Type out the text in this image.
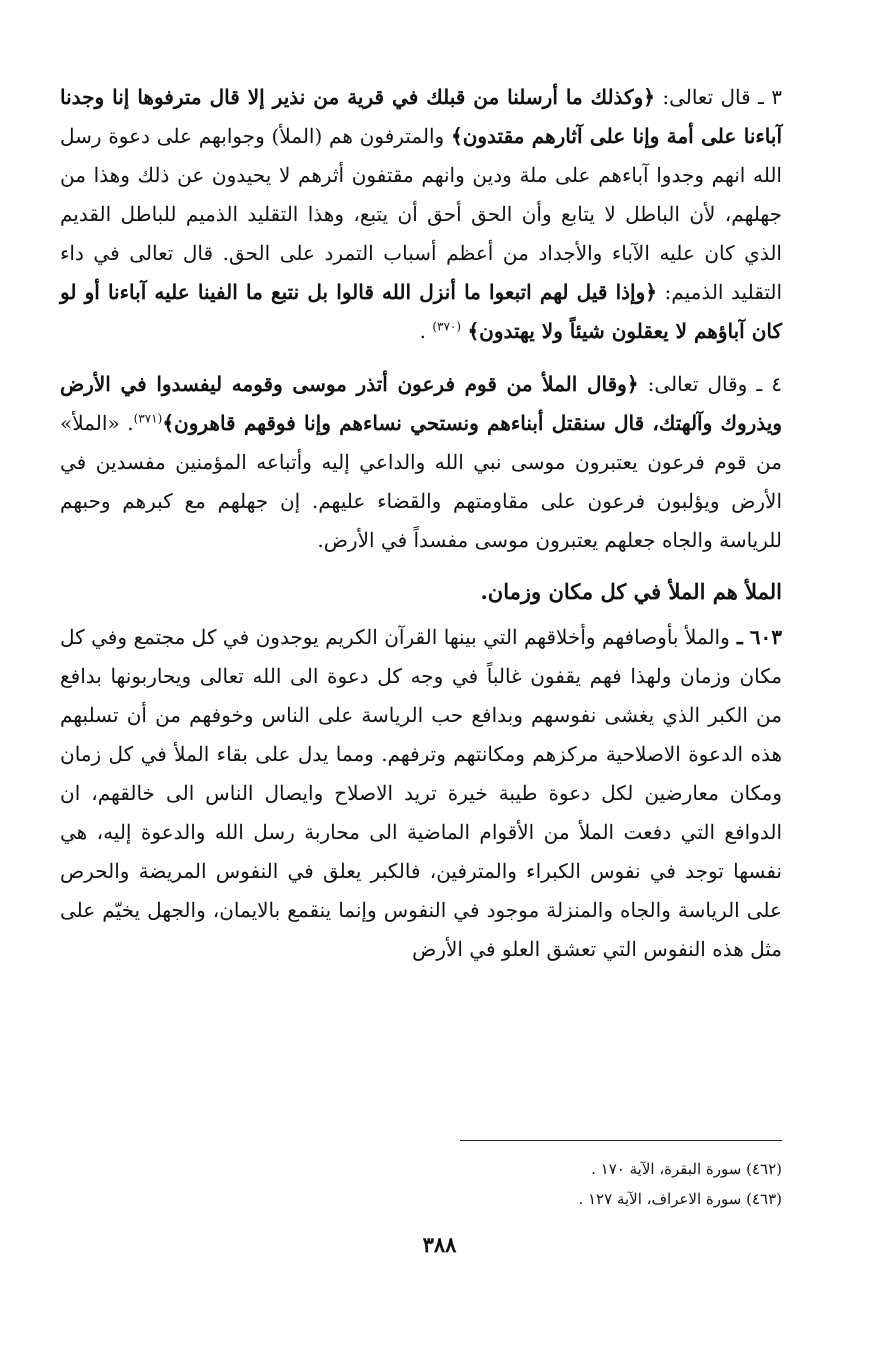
٣ ـ قال تعالى: ﴿وكذلك ما أرسلنا من قبلك في قرية من نذير إلا قال مترفوها إنا وجدنا آباءنا على أمة وإنا على آثارهم مقتدون﴾ والمترفون هم (الملأ) وجوابهم على دعوة رسل الله انهم وجدوا آباءهم على ملة ودين وانهم مقتفون أثرهم لا يحيدون عن ذلك وهذا من جهلهم، لأن الباطل لا يتابع وأن الحق أحق أن يتبع، وهذا التقليد الذميم للباطل القديم الذي كان عليه الآباء والأجداد من أعظم أسباب التمرد على الحق. قال تعالى في داء التقليد الذميم: ﴿وإذا قيل لهم اتبعوا ما أنزل الله قالوا بل نتبع ما الفينا عليه آباءنا أو لو كان آباؤهم لا يعقلون شيئاً ولا يهتدون﴾ $^{(٣٧٠)}$ .

٤ ـ وقال تعالى: ﴿وقال الملأ من قوم فرعون أتذر موسى وقومه ليفسدوا في الأرض ويذروك وآلهتك، قال سنقتل أبناءهم ونستحي نساءهم وإنا فوقهم قاهرون﴾$^{(٣٧١)}$. «الملأ» من قوم فرعون يعتبرون موسى نبي الله والداعي إليه وأتباعه المؤمنين مفسدين في الأرض ويؤلبون فرعون على مقاومتهم والقضاء عليهم. إن جهلهم مع كبرهم وحبهم للرياسة والجاه جعلهم يعتبرون موسى مفسداً في الأرض.

الملأ هم الملأ في كل مكان وزمان.

٦٠٣ ـ والملأ بأوصافهم وأخلاقهم التي بينها القرآن الكريم يوجدون في كل مجتمع وفي كل مكان وزمان ولهذا فهم يقفون غالباً في وجه كل دعوة الى الله تعالى ويحاربونها بدافع من الكبر الذي يغشى نفوسهم وبدافع حب الرياسة على الناس وخوفهم من أن تسلبهم هذه الدعوة الاصلاحية مركزهم ومكانتهم وترفهم. ومما يدل على بقاء الملأ في كل زمان ومكان معارضين لكل دعوة طيبة خيرة تريد الاصلاح وايصال الناس الى خالقهم، ان الدوافع التي دفعت الملأ من الأقوام الماضية الى محاربة رسل الله والدعوة إليه، هي نفسها توجد في نفوس الكبراء والمترفين، فالكبر يعلق في النفوس المريضة والحرص على الرياسة والجاه والمنزلة موجود في النفوس وإنما ينقمع بالايمان، والجهل يخيّم على مثل هذه النفوس التي تعشق العلو في الأرض

(٤٦٢) سورة البقرة، الآية ١٧٠ .
(٤٦٣) سورة الاعراف، الآية ١٢٧ .
٣٨٨
